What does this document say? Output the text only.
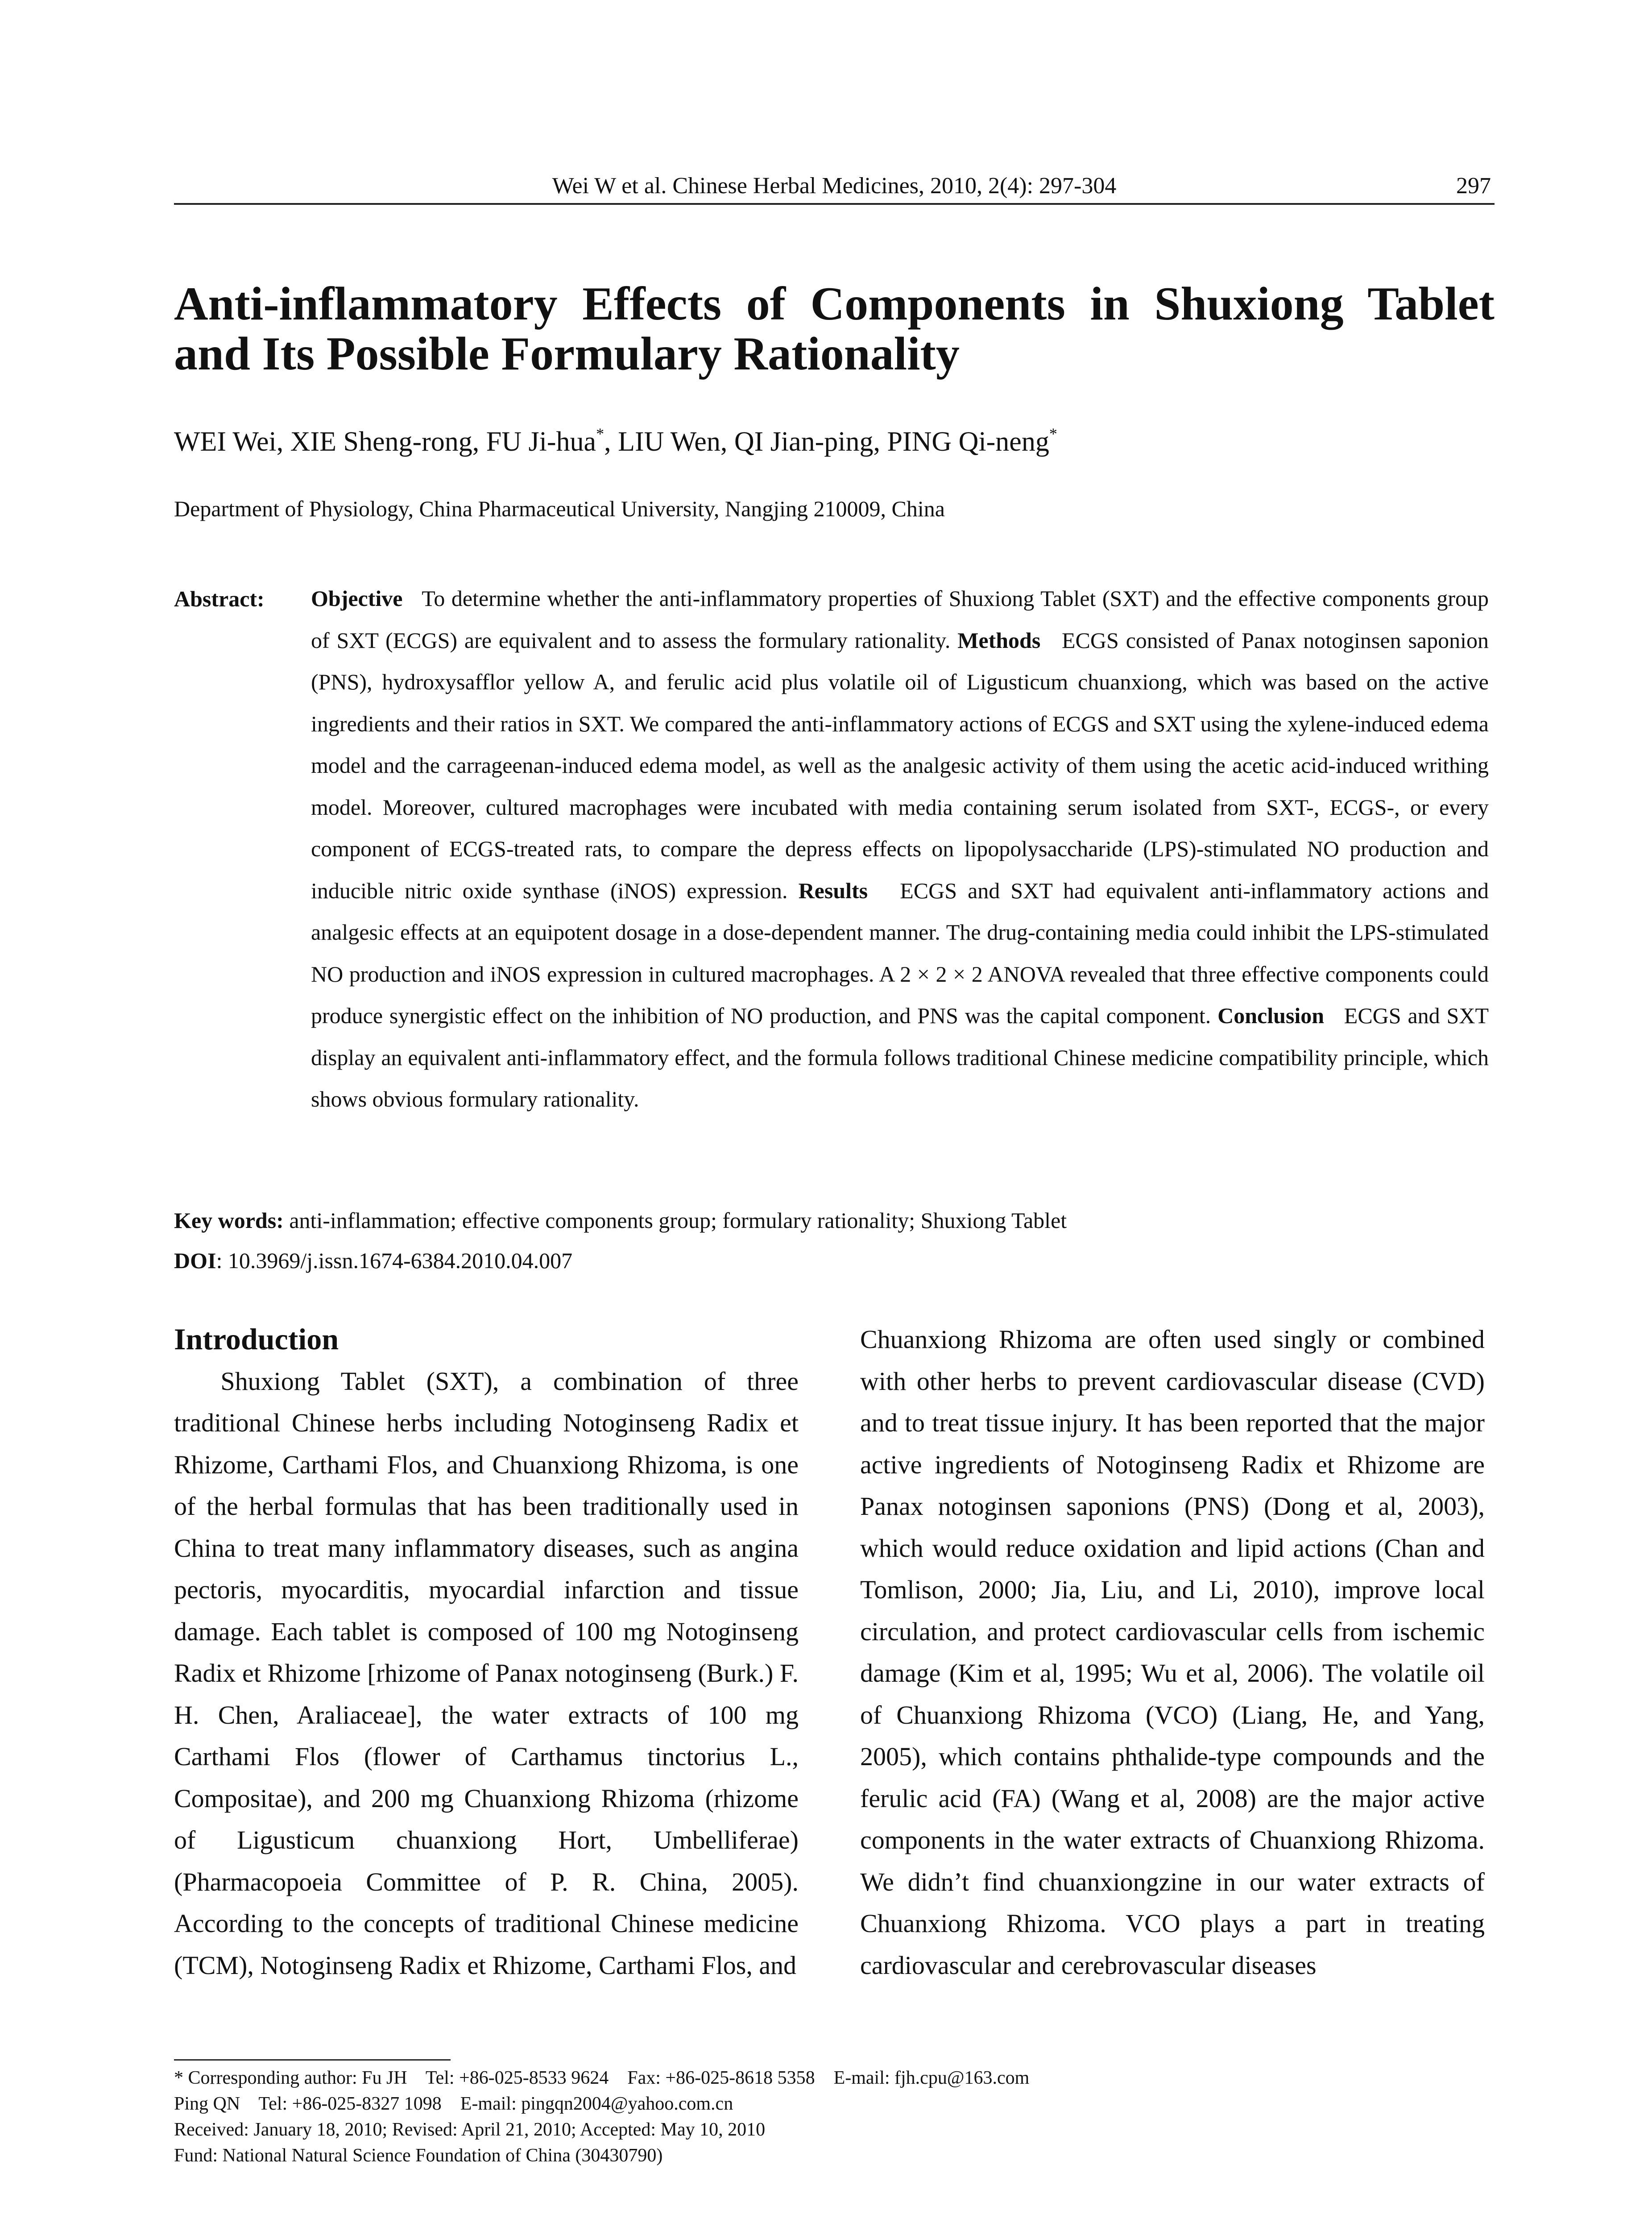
Wei W et al. Chinese Herbal Medicines, 2010, 2(4): 297-304	297
Anti-inflammatory Effects of Components in Shuxiong Tablet and Its Possible Formulary Rationality
WEI Wei, XIE Sheng-rong, FU Ji-hua*, LIU Wen, QI Jian-ping, PING Qi-neng*
Department of Physiology, China Pharmaceutical University, Nangjing 210009, China
Abstract: Objective To determine whether the anti-inflammatory properties of Shuxiong Tablet (SXT) and the effective components group of SXT (ECGS) are equivalent and to assess the formulary rationality. Methods ECGS consisted of Panax notoginsen saponion (PNS), hydroxysafflor yellow A, and ferulic acid plus volatile oil of Ligusticum chuanxiong, which was based on the active ingredients and their ratios in SXT. We compared the anti-inflammatory actions of ECGS and SXT using the xylene-induced edema model and the carrageenan-induced edema model, as well as the analgesic activity of them using the acetic acid-induced writhing model. Moreover, cultured macrophages were incubated with media containing serum isolated from SXT-, ECGS-, or every component of ECGS-treated rats, to compare the depress effects on lipopolysaccharide (LPS)-stimulated NO production and inducible nitric oxide synthase (iNOS) expression. Results ECGS and SXT had equivalent anti-inflammatory actions and analgesic effects at an equipotent dosage in a dose-dependent manner. The drug-containing media could inhibit the LPS-stimulated NO production and iNOS expression in cultured macrophages. A 2 × 2 × 2 ANOVA revealed that three effective components could produce synergistic effect on the inhibition of NO production, and PNS was the capital component. Conclusion ECGS and SXT display an equivalent anti-inflammatory effect, and the formula follows traditional Chinese medicine compatibility principle, which shows obvious formulary rationality.
Key words: anti-inflammation; effective components group; formulary rationality; Shuxiong Tablet
DOI: 10.3969/j.issn.1674-6384.2010.04.007
Introduction

Shuxiong Tablet (SXT), a combination of three traditional Chinese herbs including Notoginseng Radix et Rhizome, Carthami Flos, and Chuanxiong Rhizoma, is one of the herbal formulas that has been traditionally used in China to treat many inflammatory diseases, such as angina pectoris, myocarditis, myocardial infarction and tissue damage. Each tablet is composed of 100 mg Notoginseng Radix et Rhizome [rhizome of Panax notoginseng (Burk.) F. H. Chen, Araliaceae], the water extracts of 100 mg Carthami Flos (flower of Carthamus tinctorius L., Compositae), and 200 mg Chuanxiong Rhizoma (rhizome of Ligusticum chuanxiong Hort, Umbelliferae) (Pharmacopoeia Committee of P. R. China, 2005). According to the concepts of traditional Chinese medicine (TCM), Notoginseng Radix et Rhizome, Carthami Flos, and

Chuanxiong Rhizoma are often used singly or combined with other herbs to prevent cardiovascular disease (CVD) and to treat tissue injury. It has been reported that the major active ingredients of Notoginseng Radix et Rhizome are Panax notoginsen saponions (PNS) (Dong et al, 2003), which would reduce oxidation and lipid actions (Chan and Tomlison, 2000; Jia, Liu, and Li, 2010), improve local circulation, and protect cardiovascular cells from ischemic damage (Kim et al, 1995; Wu et al, 2006). The volatile oil of Chuanxiong Rhizoma (VCO) (Liang, He, and Yang, 2005), which contains phthalide-type compounds and the ferulic acid (FA) (Wang et al, 2008) are the major active components in the water extracts of Chuanxiong Rhizoma. We didn’t find chuanxiongzine in our water extracts of Chuanxiong Rhizoma. VCO plays a part in treating cardiovascular and cerebrovascular diseases

* Corresponding author: Fu JH    Tel: +86-025-8533 9624    Fax: +86-025-8618 5358    E-mail: fjh.cpu@163.com
Ping QN    Tel: +86-025-8327 1098    E-mail: pingqn2004@yahoo.com.cn
Received: January 18, 2010; Revised: April 21, 2010; Accepted: May 10, 2010
Fund: National Natural Science Foundation of China (30430790)
